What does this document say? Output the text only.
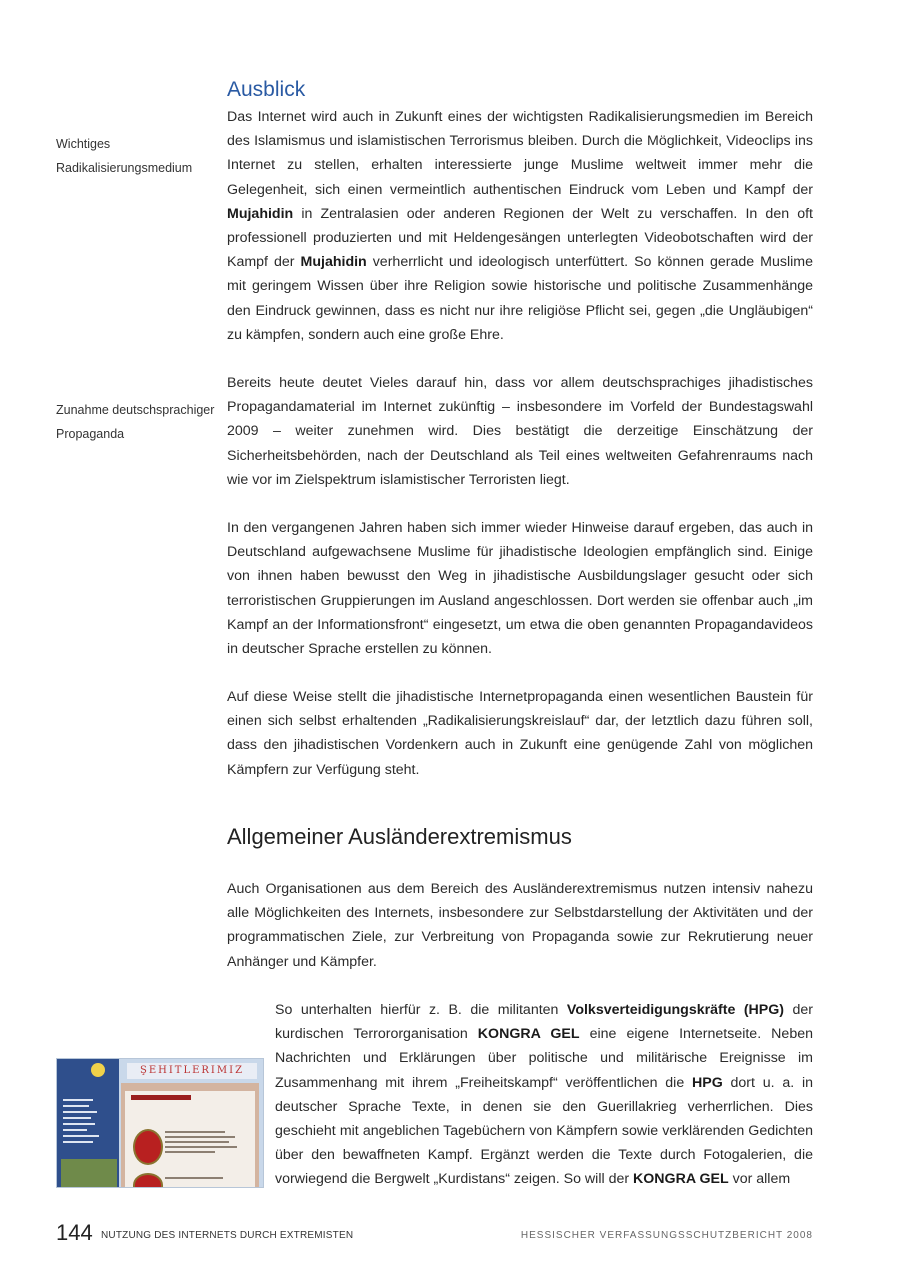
Ausblick

Wichtiges
Radikalisierungsmedium

Das Internet wird auch in Zukunft eines der wichtigsten Radikalisierungsmedien im Bereich des Islamismus und islamistischen Terrorismus bleiben. Durch die Möglichkeit, Videoclips ins Internet zu stellen, erhalten interessierte junge Muslime weltweit immer mehr die Gelegenheit, sich einen vermeintlich authentischen Eindruck vom Leben und Kampf der Mujahidin in Zentralasien oder anderen Regionen der Welt zu verschaffen. In den oft professionell produzierten und mit Heldengesängen unterlegten Videobotschaften wird der Kampf der Mujahidin verherrlicht und ideologisch unterfüttert. So können gerade Muslime mit geringem Wissen über ihre Religion sowie historische und politische Zusammenhänge den Eindruck gewinnen, dass es nicht nur ihre religiöse Pflicht sei, gegen „die Ungläubigen“ zu kämpfen, sondern auch eine große Ehre.

Zunahme deutschsprachiger
Propaganda

Bereits heute deutet Vieles darauf hin, dass vor allem deutschsprachiges jihadistisches Propagandamaterial im Internet zukünftig – insbesondere im Vorfeld der Bundestagswahl 2009 – weiter zunehmen wird. Dies bestätigt die derzeitige Einschätzung der Sicherheitsbehörden, nach der Deutschland als Teil eines weltweiten Gefahrenraums nach wie vor im Zielspektrum islamistischer Terroristen liegt.

In den vergangenen Jahren haben sich immer wieder Hinweise darauf ergeben, das auch in Deutschland aufgewachsene Muslime für jihadistische Ideologien empfänglich sind. Einige von ihnen haben bewusst den Weg in jihadistische Ausbildungslager gesucht oder sich terroristischen Gruppierungen im Ausland angeschlossen. Dort werden sie offenbar auch „im Kampf an der Informationsfront“ eingesetzt, um etwa die oben genannten Propagandavideos in deutscher Sprache erstellen zu können.

Auf diese Weise stellt die jihadistische Internetpropaganda einen wesentlichen Baustein für einen sich selbst erhaltenden „Radikalisierungskreislauf“ dar, der letztlich dazu führen soll, dass den jihadistischen Vordenkern auch in Zukunft eine genügende Zahl von möglichen Kämpfern zur Verfügung steht.

Allgemeiner Ausländerextremismus

Auch Organisationen aus dem Bereich des Ausländerextremismus nutzen intensiv nahezu alle Möglichkeiten des Internets, insbesondere zur Selbstdarstellung der Aktivitäten und der programmatischen Ziele, zur Verbreitung von Propaganda sowie zur Rekrutierung neuer Anhänger und Kämpfer.

So unterhalten hierfür z. B. die militanten Volksverteidigungskräfte (HPG) der kurdischen Terrororganisation KONGRA GEL eine eigene Internetseite. Neben Nachrichten und Erklärungen über politische und militärische Ereignisse im Zusammenhang mit ihrem „Freiheitskampf“ veröffentlichen die HPG dort u. a. in deutscher Sprache Texte, in denen sie den Guerillakrieg verherrlichen. Dies geschieht mit angeblichen Tagebüchern von Kämpfern sowie verklärenden Gedichten über den bewaffneten Kampf. Ergänzt werden die Texte durch Fotogalerien, die vorwiegend die Bergwelt „Kurdistans“ zeigen. So will der KONGRA GEL vor allem

ŞEHITLERIMIZ

144 NUTZUNG DES INTERNETS DURCH EXTREMISTEN	HESSISCHER VERFASSUNGSSCHUTZBERICHT 2008
